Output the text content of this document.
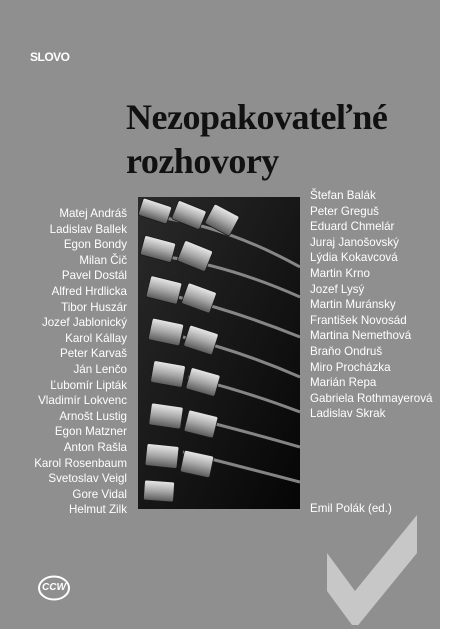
SLOVO
Nezopakovateľné
rozhovory
Matej Andráš
Ladislav Ballek
Egon Bondy
Milan Čič
Pavel Dostál
Alfred Hrdlicka
Tibor Huszár
Jozef Jablonický
Karol Kállay
Peter Karvaš
Ján Lenčo
Ľubomír Lipták
Vladimír Lokvenc
Arnošt Lustig
Egon Matzner
Anton Rašla
Karol Rosenbaum
Svetoslav Veigl
Gore Vidal
Helmut Zilk
Štefan Balák
Peter Greguš
Eduard Chmelár
Juraj Janošovský
Lýdia Kokavcová
Martin Krno
Jozef Lysý
Martin Muránsky
František Novosád
Martina Nemethová
Braňo Ondruš
Miro Procházka
Marián Repa
Gabriela Rothmayerová
Ladislav Skrak
Emil Polák (ed.)
CCW
